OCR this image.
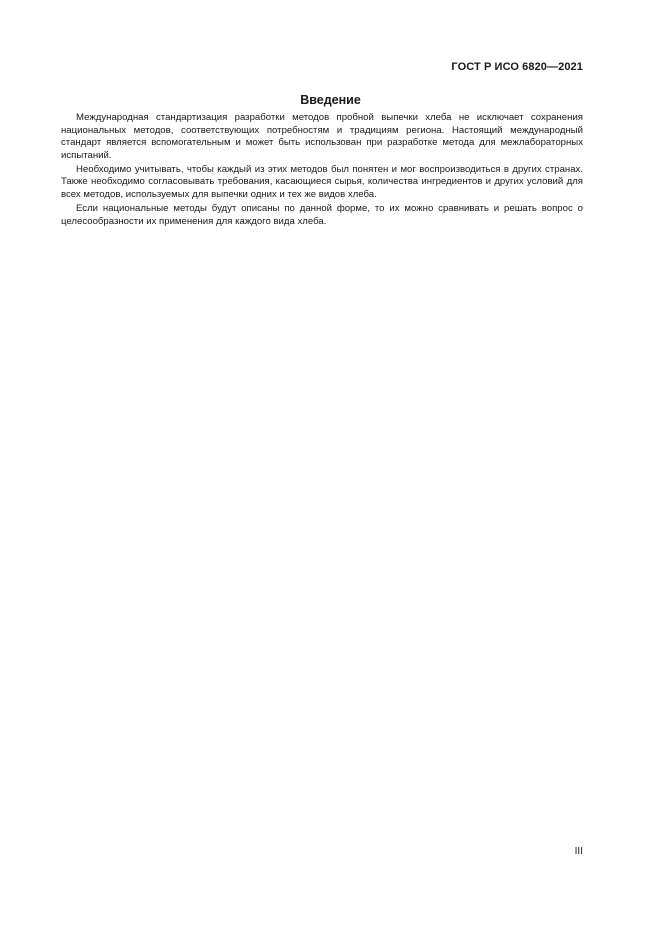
ГОСТ Р ИСО 6820—2021
Введение

Международная стандартизация разработки методов пробной выпечки хлеба не исключает сохранения национальных методов, соответствующих потребностям и традициям региона. Настоящий международный стандарт является вспомогательным и может быть использован при разработке метода для межлабораторных испытаний.

Необходимо учитывать, чтобы каждый из этих методов был понятен и мог воспроизводиться в других странах. Также необходимо согласовывать требования, касающиеся сырья, количества ингредиентов и других условий для всех методов, используемых для выпечки одних и тех же видов хлеба.

Если национальные методы будут описаны по данной форме, то их можно сравнивать и решать вопрос о целесообразности их применения для каждого вида хлеба.

III
